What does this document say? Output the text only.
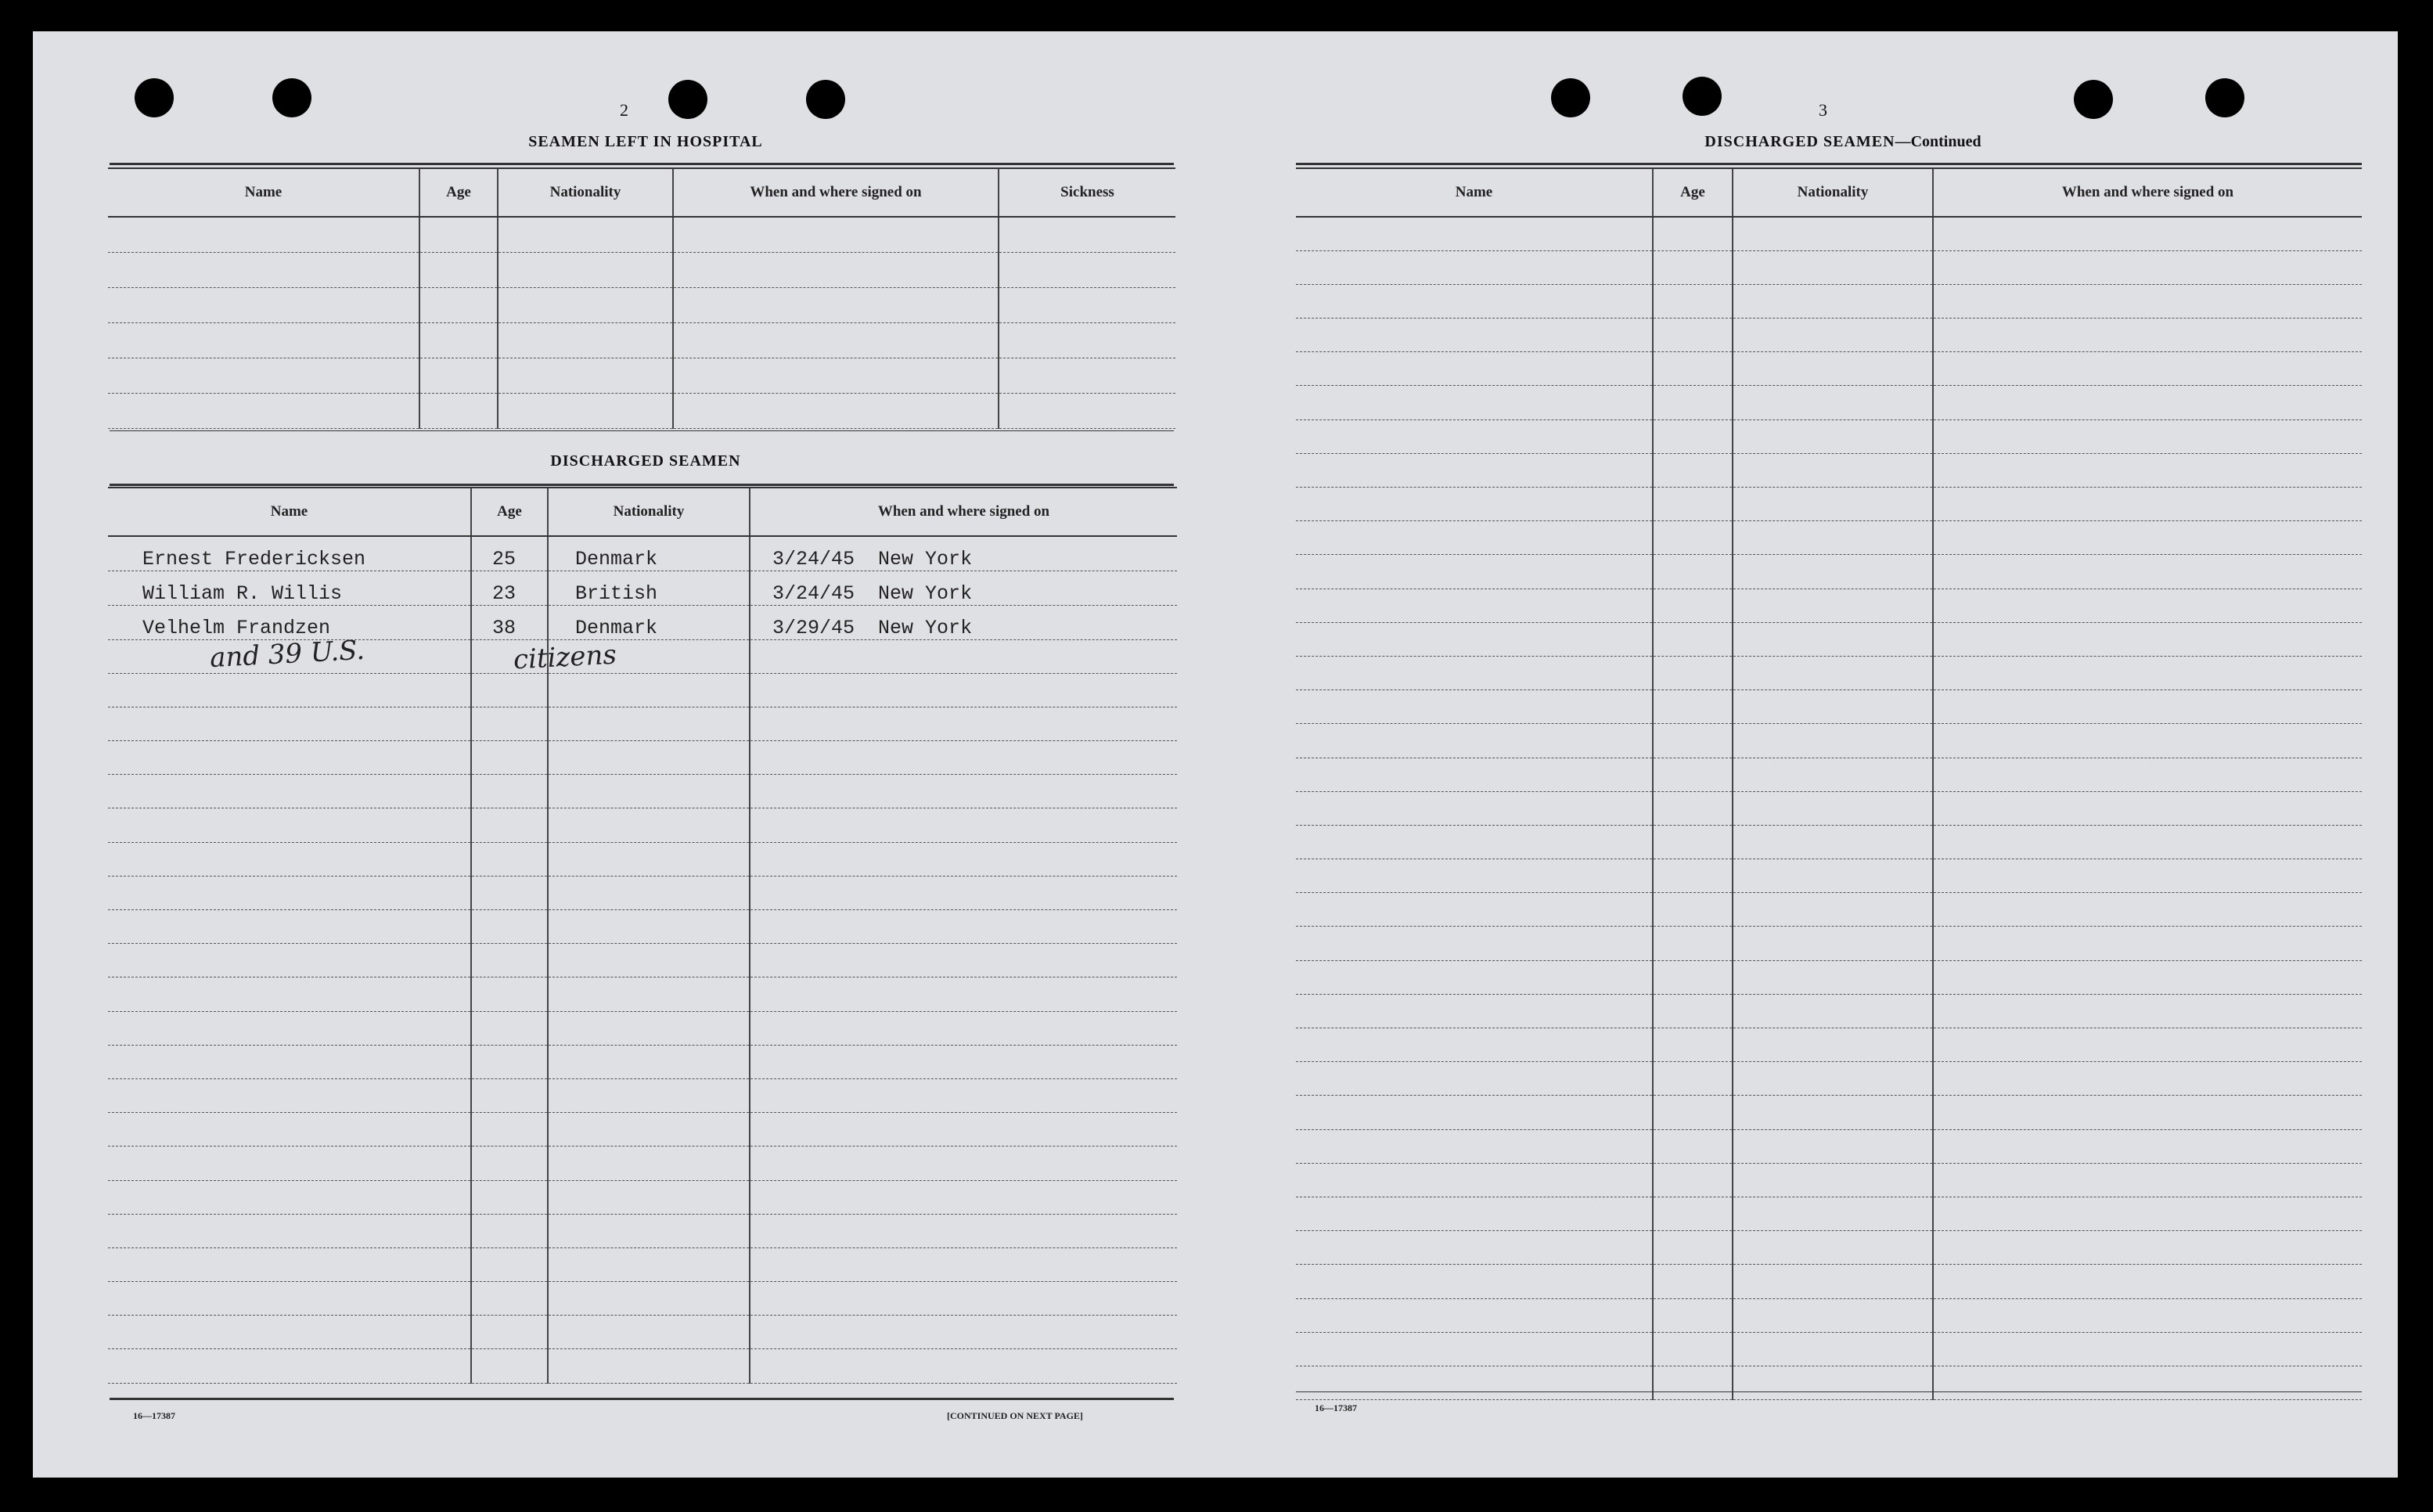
2
SEAMEN LEFT IN HOSPITAL
Name	Age	Nationality	When and where signed on	Sickness

DISCHARGED SEAMEN
Name	Age	Nationality	When and where signed on
Ernest Fredericksen	25	Denmark	3/24/45 New York
William R. Willis	23	British	3/24/45 New York
Velhelm Frandzen	38	Denmark	3/29/45 New York

and 39 U.S.	citizens
16—17387	[CONTINUED ON NEXT PAGE]
3
DISCHARGED SEAMEN—Continued
Name	Age	Nationality	When and where signed on

16—17387
